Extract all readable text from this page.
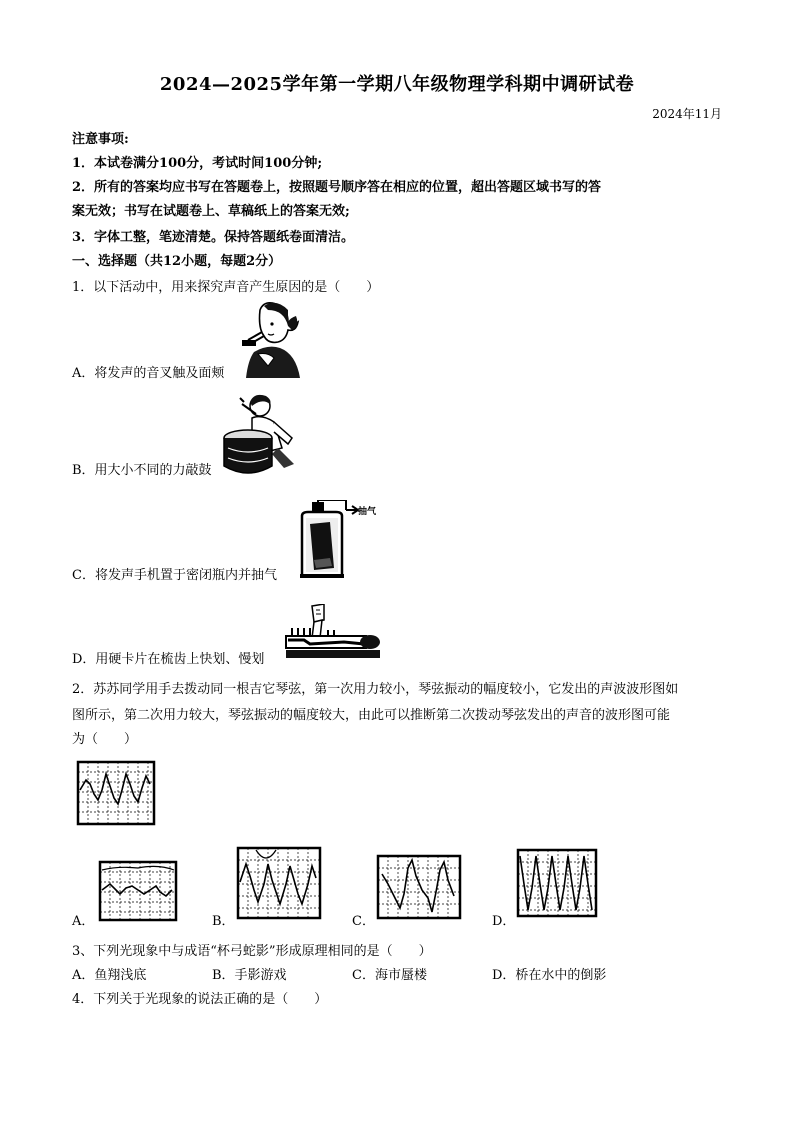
2024—2025学年第一学期八年级物理学科期中调研试卷
2024年11月
注意事项:
1．本试卷满分100分，考试时间100分钟;
2．所有的答案均应书写在答题卷上，按照题号顺序答在相应的位置，超出答题区域书写的答
案无效；书写在试题卷上、草稿纸上的答案无效;
3．字体工整，笔迹清楚。保持答题纸卷面清洁。
一、选择题（共12小题，每题2分）
1．以下活动中，用来探究声音产生原因的是（　　）
A．将发声的音叉触及面颊
B．用大小不同的力敲鼓
抽气
C．将发声手机置于密闭瓶内并抽气
D．用硬卡片在梳齿上快划、慢划
2．苏苏同学用手去拨动同一根吉它琴弦，第一次用力较小，琴弦振动的幅度较小，它发出的声波波形图如
图所示，第二次用力较大，琴弦振动的幅度较大，由此可以推断第二次拨动琴弦发出的声音的波形图可能
为（　　）
A．	B．	C．	D．
3、下列光现象中与成语“杯弓蛇影”形成原理相同的是（　　）
A．鱼翔浅底	B．手影游戏	C．海市蜃楼	D．桥在水中的倒影
4．下列关于光现象的说法正确的是（　　）
